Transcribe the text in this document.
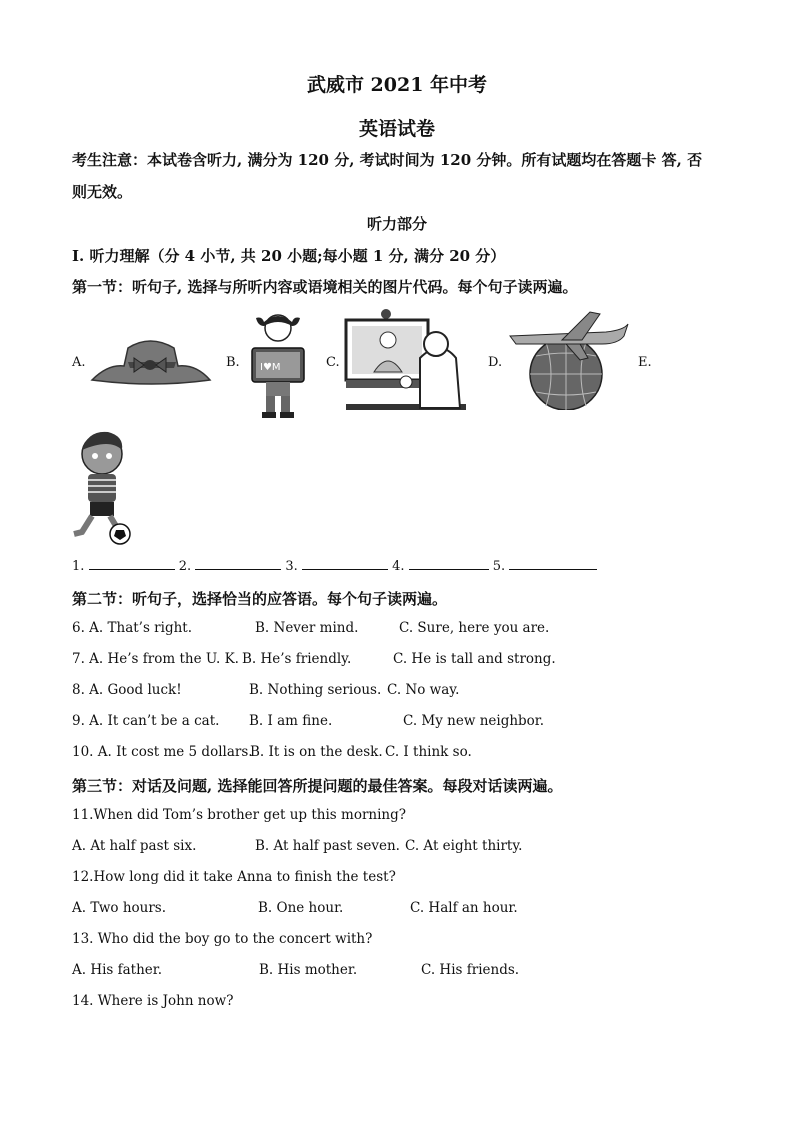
武威市 2021 年中考
英语试卷
考生注意：本试卷含听力, 满分为 120 分, 考试时间为 120 分钟。所有试题均在答题卡 答, 否
则无效。
听力部分
I. 听力理解（分 4 小节, 共 20 小题;每小题 1 分, 满分 20 分）
第一节：听句子, 选择与所听内容或语境相关的图片代码。每个句子读两遍。
A.	B. I♥M	C.	D.	E.
1.	2.	3.	4.	5.
第二节：听句子，选择恰当的应答语。每个句子读两遍。
6. A. That’s right.	B. Never mind.	C. Sure, here you are.
7. A. He’s from the U. K. B. He’s friendly.	C. He is tall and strong.
8. A. Good luck!	B. Nothing serious. C. No way.
9. A. It can’t be a cat. B. I am fine.	C. My new neighbor.
10. A. It cost me 5 dollars.
B. It is on the desk. C. I think so.
第三节：对话及问题, 选择能回答所提问题的最佳答案。每段对话读两遍。
11.When did Tom’s brother get up this morning?
A. At half past six.	B. At half past seven. C. At eight thirty.
12.How long did it take Anna to finish the test?
A. Two hours.	B. One hour.	C. Half an hour.
13. Who did the boy go to the concert with?
A. His father.	B. His mother.	C. His friends.
14. Where is John now?
